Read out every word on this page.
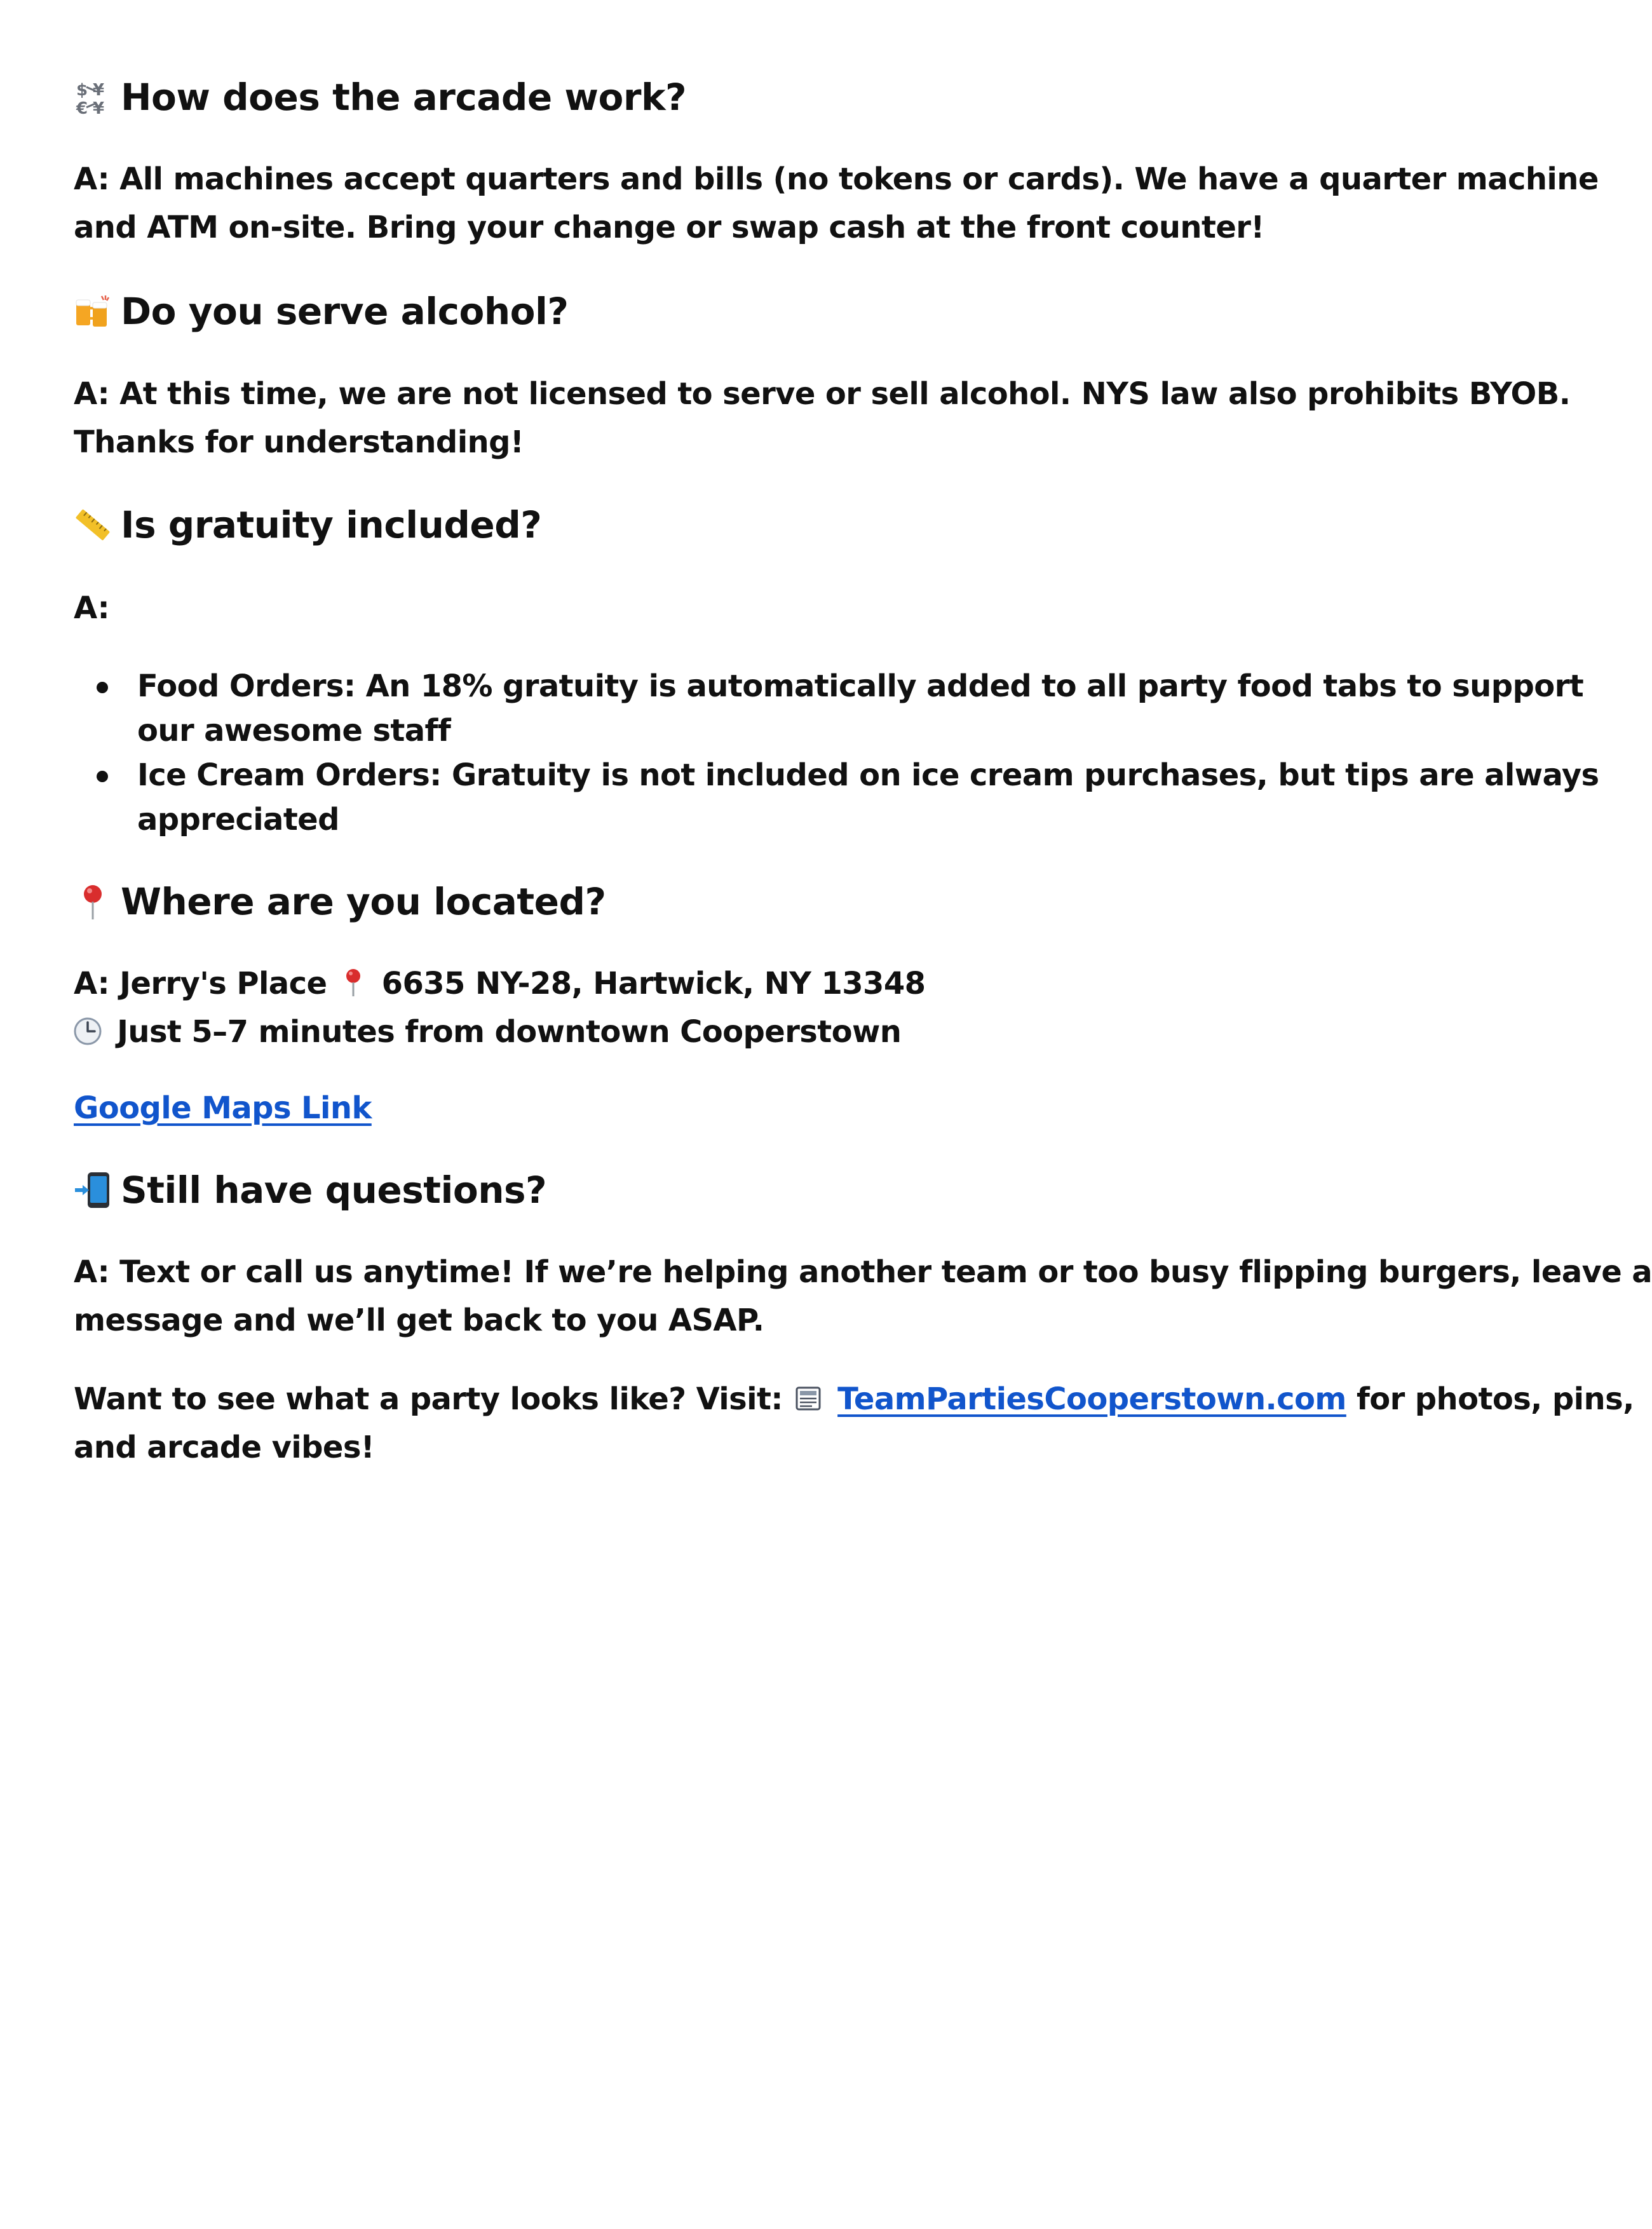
$ ¥
€ ¥ How does the arcade work?
A: All machines accept quarters and bills (no tokens or cards). We have a quarter machine
and ATM on-site. Bring your change or swap cash at the front counter!
Do you serve alcohol?
A: At this time, we are not licensed to serve or sell alcohol. NYS law also prohibits BYOB.
Thanks for understanding!
Is gratuity included?
A:
Food Orders: An 18% gratuity is automatically added to all party food tabs to support
our awesome staff
Ice Cream Orders: Gratuity is not included on ice cream purchases, but tips are always
appreciated
Where are you located?
A: Jerry's Place 6635 NY-28, Hartwick, NY 13348
Just 5–7 minutes from downtown Cooperstown
Google Maps Link
Still have questions?
A: Text or call us anytime! If we’re helping another team or too busy flipping burgers, leave a
message and we’ll get back to you ASAP.
Want to see what a party looks like? Visit: TeamPartiesCooperstown.com for photos, pins,
and arcade vibes!
